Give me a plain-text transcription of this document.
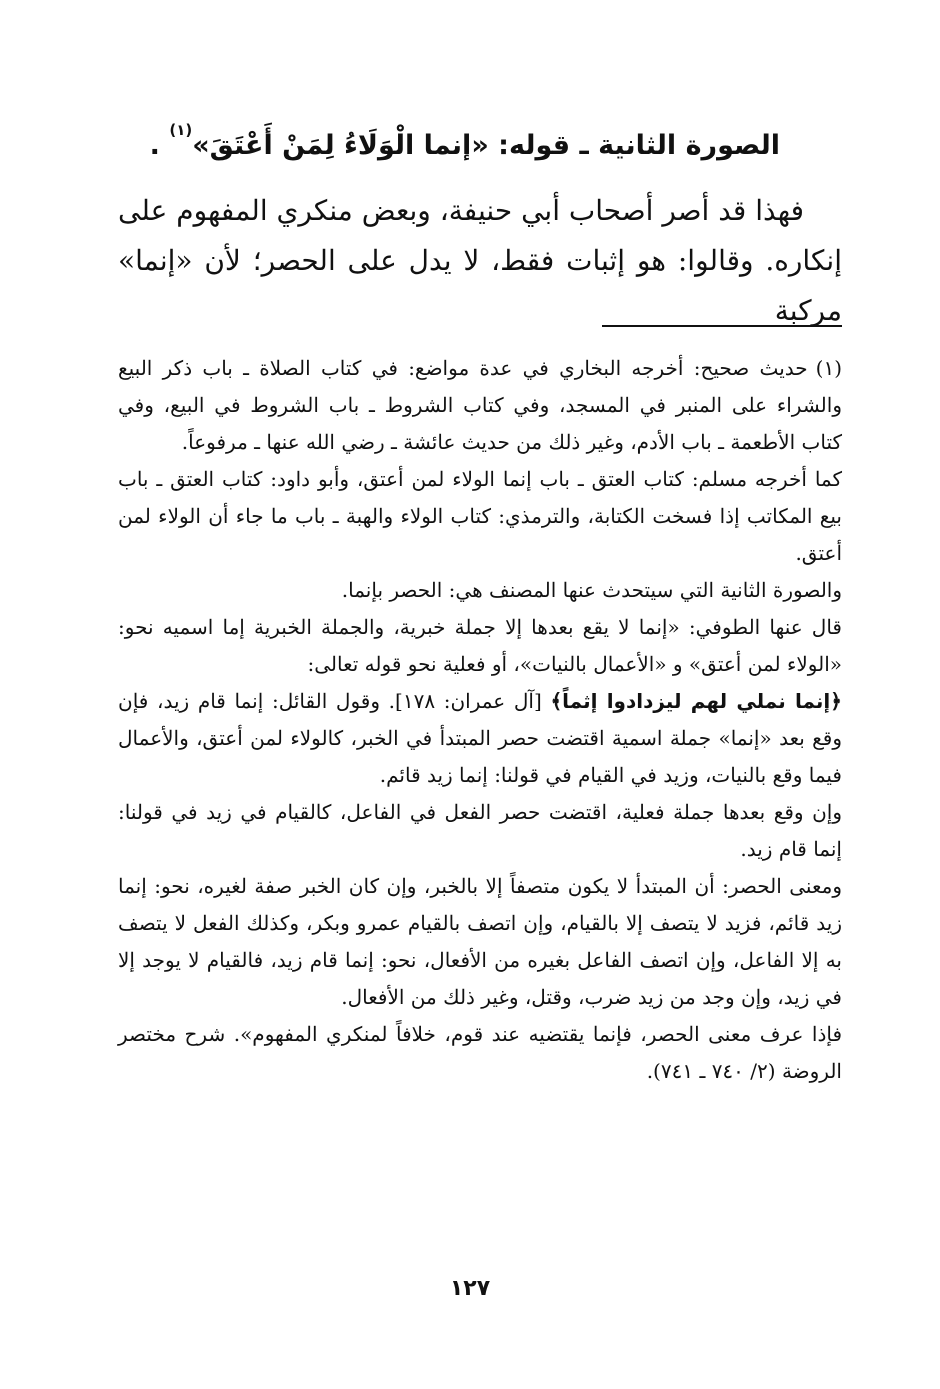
الصورة الثانية ـ قوله: «إنما الْوَلَاءُ لِمَنْ أَعْتَقَ»$^{(١)}$ .

فهذا قد أصر أصحاب أبي حنيفة، وبعض منكري المفهوم على إنكاره. وقالوا: هو إثبات فقط، لا يدل على الحصر؛ لأن «إنما» مركبة

(١)حديث صحيح: أخرجه البخاري في عدة مواضع: في كتاب الصلاة ـ باب ذكر البيع والشراء على المنبر في المسجد، وفي كتاب الشروط ـ باب الشروط في البيع، وفي كتاب الأطعمة ـ باب الأدم، وغير ذلك من حديث عائشة ـ رضي الله عنها ـ مرفوعاً.

كما أخرجه مسلم: كتاب العتق ـ باب إنما الولاء لمن أعتق، وأبو داود: كتاب العتق ـ باب بيع المكاتب إذا فسخت الكتابة، والترمذي: كتاب الولاء والهبة ـ باب ما جاء أن الولاء لمن أعتق.

والصورة الثانية التي سيتحدث عنها المصنف هي: الحصر بإنما.

قال عنها الطوفي: «إنما لا يقع بعدها إلا جملة خبرية، والجملة الخبرية إما اسميه نحو: «الولاء لمن أعتق» و «الأعمال بالنيات»، أو فعلية نحو قوله تعالى:
﴿إنما نملي لهم ليزدادوا إثماً﴾ [آل عمران: ١٧٨]. وقول القائل: إنما قام زيد، فإن وقع بعد «إنما» جملة اسمية اقتضت حصر المبتدأ في الخبر، كالولاء لمن أعتق، والأعمال فيما وقع بالنيات، وزيد في القيام في قولنا: إنما زيد قائم.

وإن وقع بعدها جملة فعلية، اقتضت حصر الفعل في الفاعل، كالقيام في زيد في قولنا: إنما قام زيد.

ومعنى الحصر: أن المبتدأ لا يكون متصفاً إلا بالخبر، وإن كان الخبر صفة لغيره، نحو: إنما زيد قائم، فزيد لا يتصف إلا بالقيام، وإن اتصف بالقيام عمرو وبكر، وكذلك الفعل لا يتصف به إلا الفاعل، وإن اتصف الفاعل بغيره من الأفعال، نحو: إنما قام زيد، فالقيام لا يوجد إلا في زيد، وإن وجد من زيد ضرب، وقتل، وغير ذلك من الأفعال.

فإذا عرف معنى الحصر، فإنما يقتضيه عند قوم، خلافاً لمنكري المفهوم». شرح مختصر الروضة (٢/ ٧٤٠ ـ ٧٤١).

١٢٧
